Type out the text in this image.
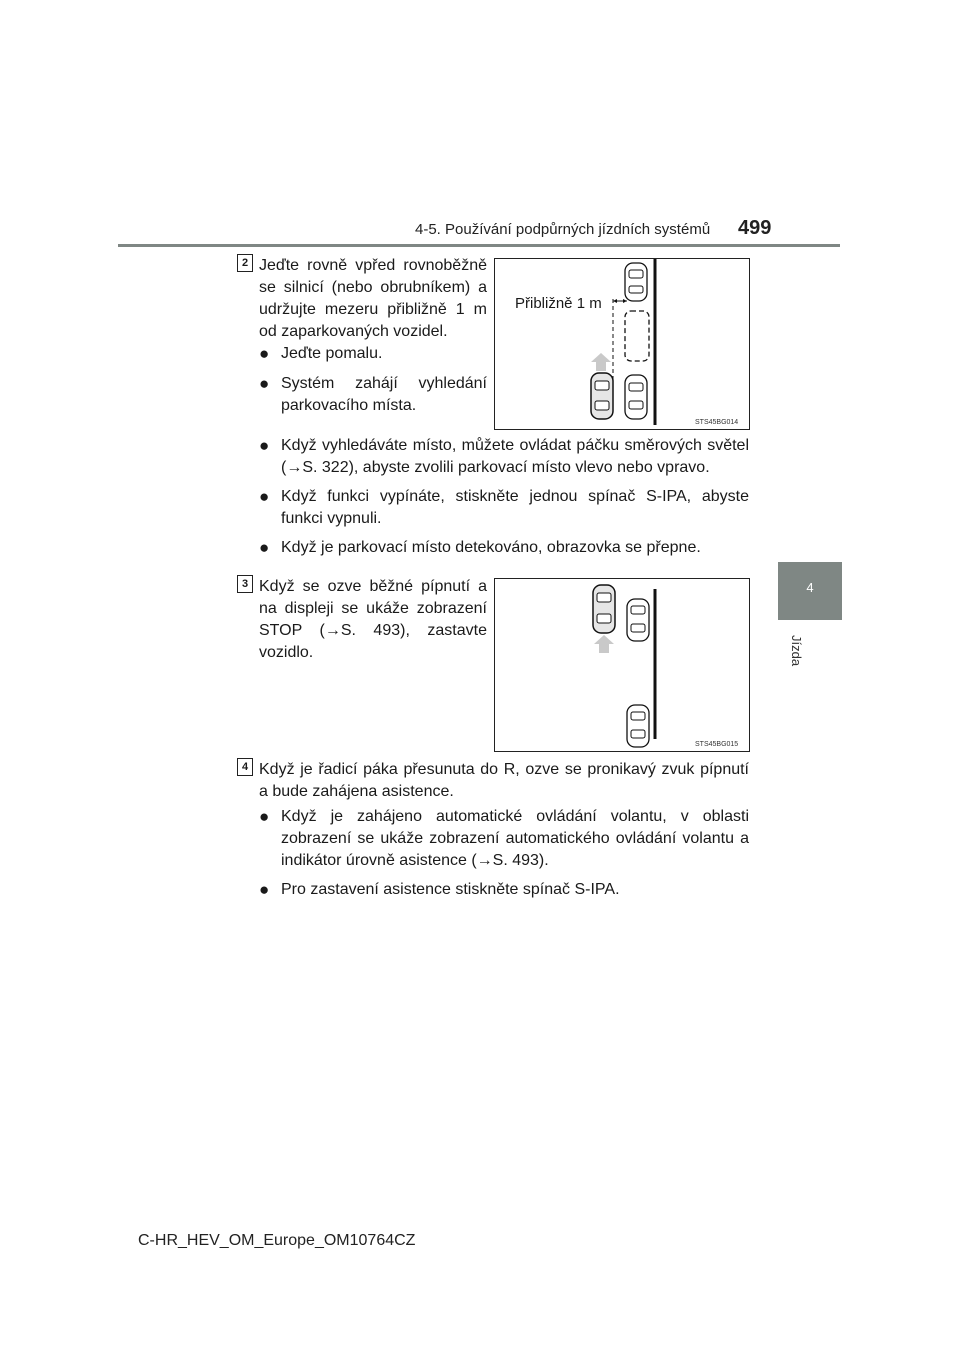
4-5. Používání podpůrných jízdních systémů 499
4
Jízda
2 Jeďte rovně vpřed rovnoběžně se silnicí (nebo obrubníkem) a udržujte mezeru přibližně 1 m od zaparkovaných vozidel.
● Jeďte pomalu.
● Systém zahájí vyhledání parkovacího místa.
Přibližně 1 m
STS45BG014
● Když vyhledáváte místo, můžete ovládat páčku směrových světel (→S. 322), abyste zvolili parkovací místo vlevo nebo vpravo.
● Když funkci vypínáte, stiskněte jednou spínač S-IPA, abyste funkci vypnuli.
● Když je parkovací místo detekováno, obrazovka se přepne.
3 Když se ozve běžné pípnutí a na displeji se ukáže zobrazení STOP (→S. 493), zastavte vozidlo.
STS45BG015
4 Když je řadicí páka přesunuta do R, ozve se pronikavý zvuk pípnutí a bude zahájena asistence.
● Když je zahájeno automatické ovládání volantu, v oblasti zobrazení se ukáže zobrazení automatického ovládání volantu a indikátor úrovně asistence (→S. 493).
● Pro zastavení asistence stiskněte spínač S-IPA.
C-HR_HEV_OM_Europe_OM10764CZ
